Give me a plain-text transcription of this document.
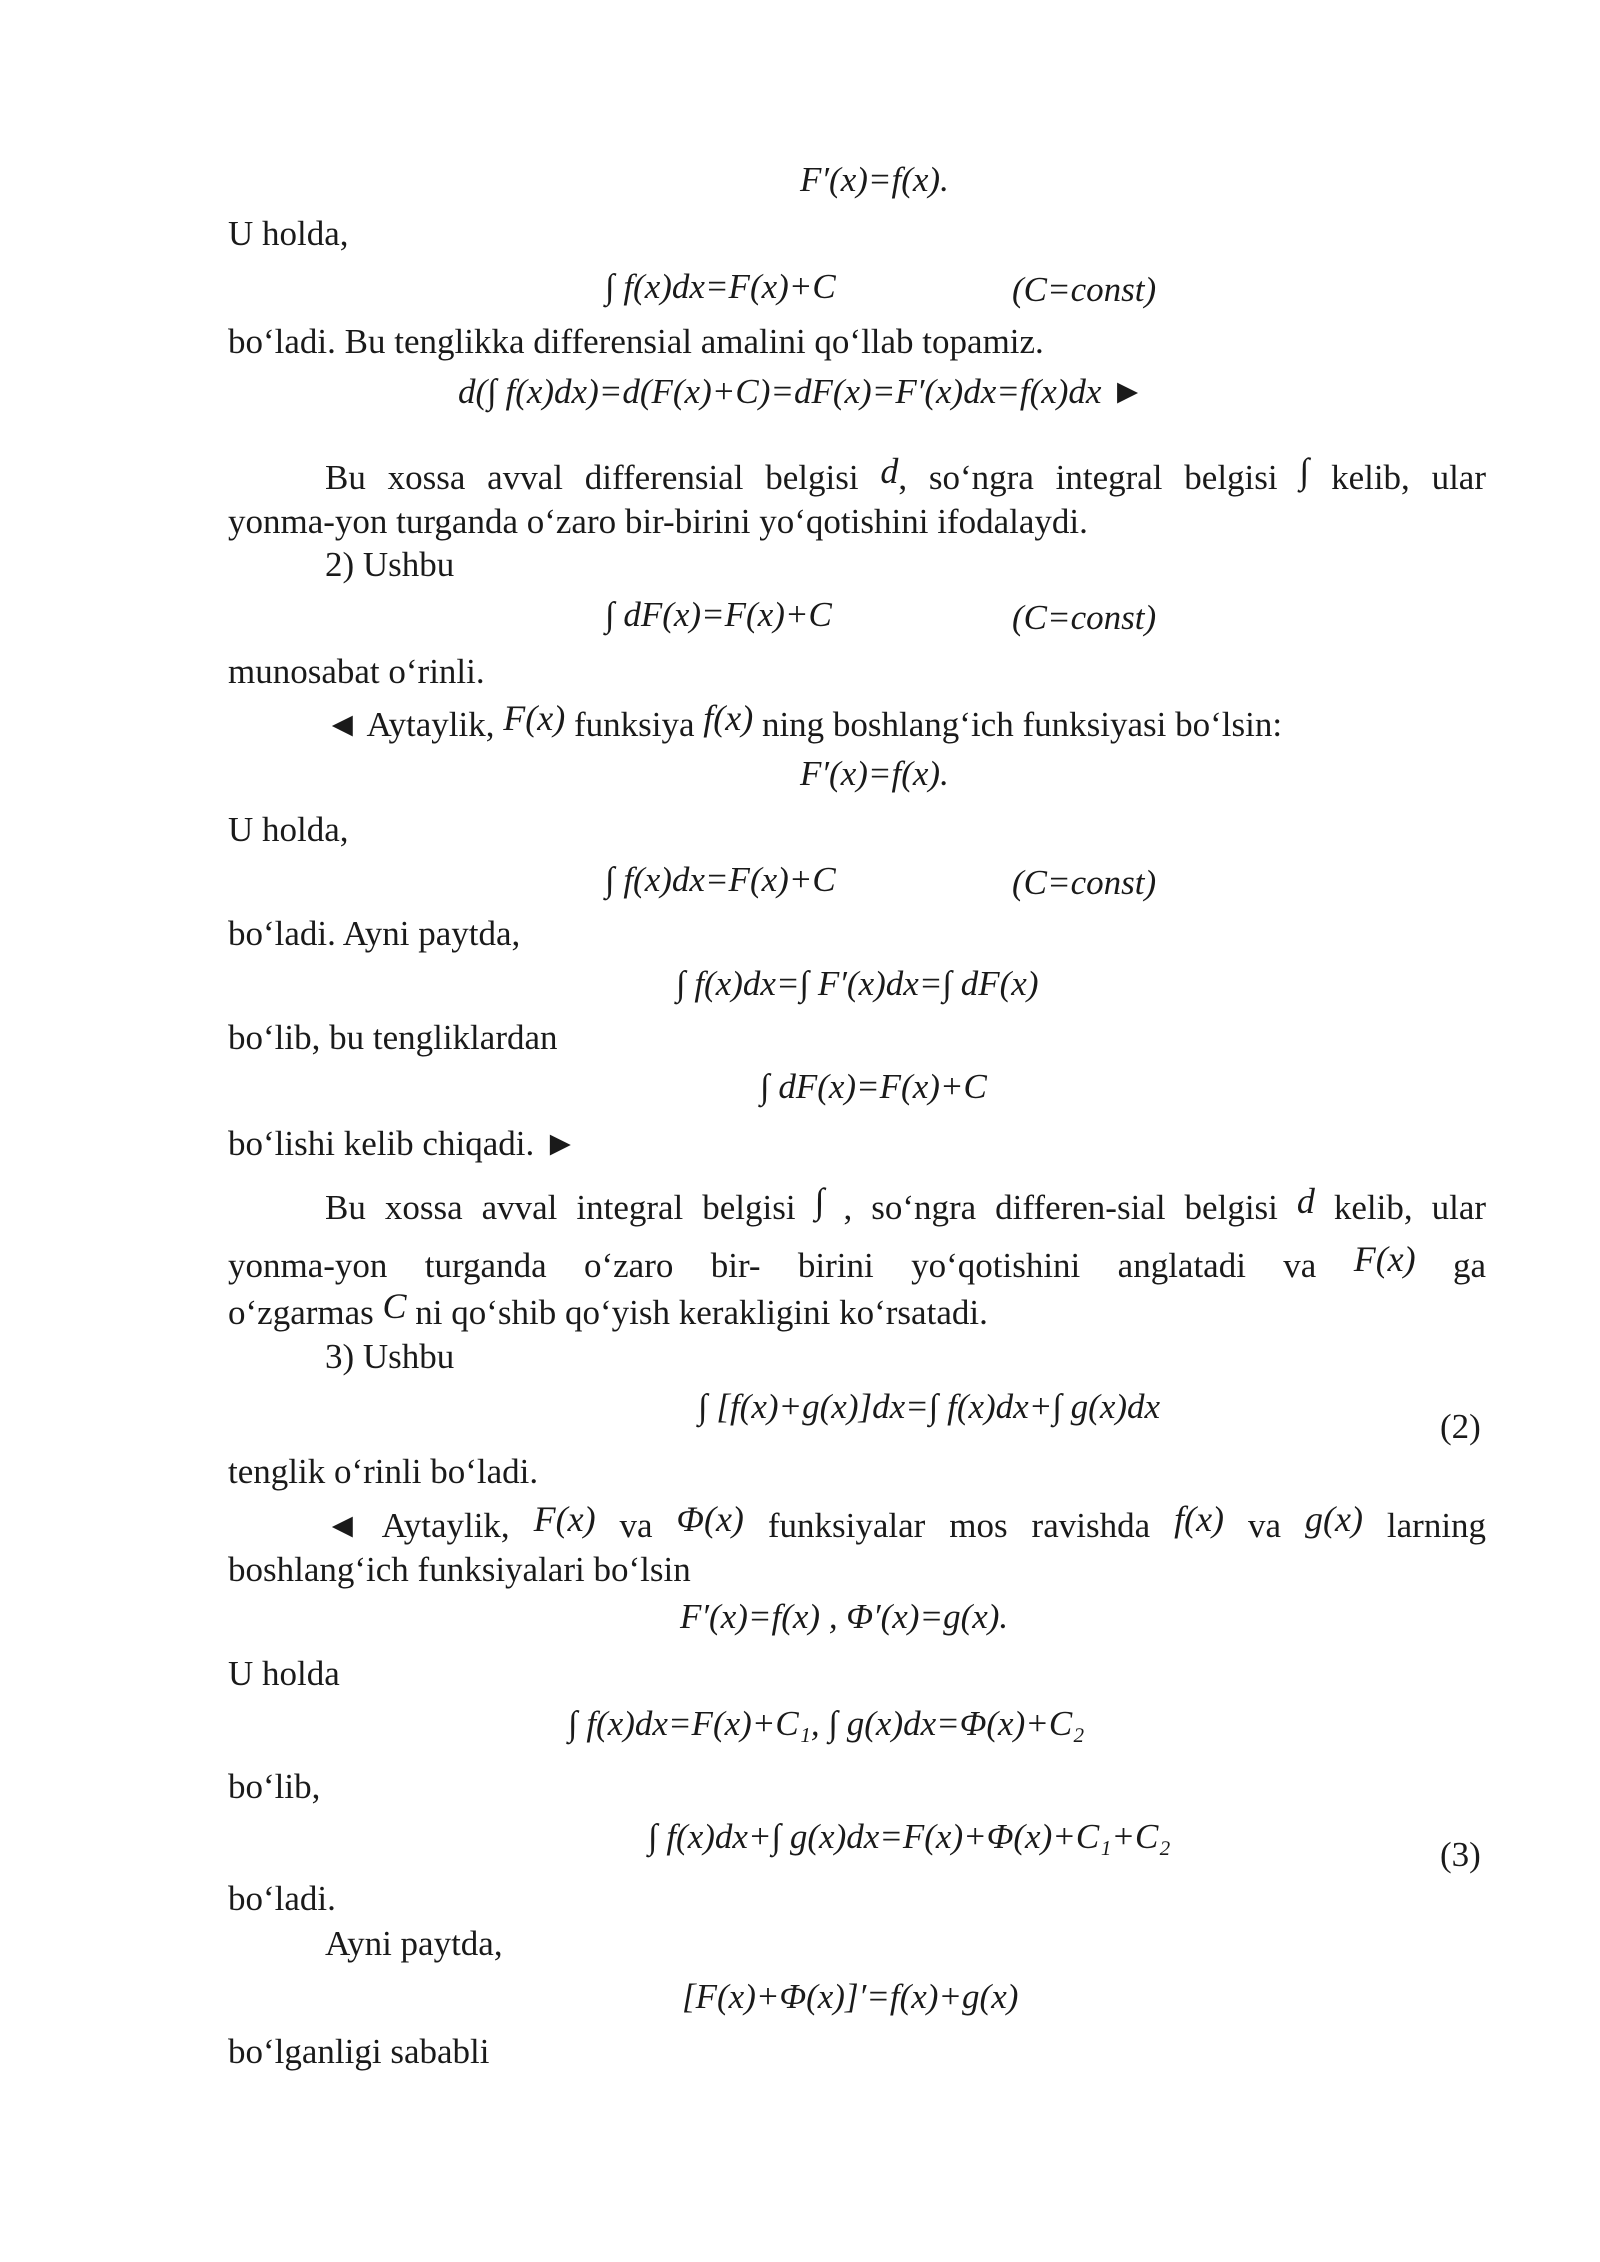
F′(x)=f(x).
U holda,
∫ f(x)dx=F(x)+C	(C=const)
bo‘ladi. Bu tenglikka differensial amalini qo‘llab topamiz.
d(∫ f(x)dx)=d(F(x)+C)=dF(x)=F′(x)dx=f(x)dx ►
Bu xossa avval differensial belgisi d, so‘ngra integral belgisi ∫ kelib, ular
yonma-yon turganda o‘zaro bir-birini yo‘qotishini ifodalaydi.
2) Ushbu
∫ dF(x)=F(x)+C	(C=const)
munosabat o‘rinli.
◄ Aytaylik, F(x) funksiya f(x) ning boshlang‘ich funksiyasi bo‘lsin:
F′(x)=f(x).
U holda,
∫ f(x)dx=F(x)+C	(C=const)
bo‘ladi. Ayni paytda,
∫ f(x)dx=∫ F′(x)dx=∫ dF(x)
bo‘lib, bu tengliklardan
∫ dF(x)=F(x)+C
bo‘lishi kelib chiqadi. ►
Bu xossa avval integral belgisi ∫ , so‘ngra differen-sial belgisi d kelib, ular
yonma-yon turganda o‘zaro bir- birini yo‘qotishini anglatadi va F(x) ga
o‘zgarmas C ni qo‘shib qo‘yish kerakligini ko‘rsatadi.
3) Ushbu
∫ [f(x)+g(x)]dx=∫ f(x)dx+∫ g(x)dx
(2)
tenglik o‘rinli bo‘ladi.
◄ Aytaylik, F(x) va Φ(x) funksiyalar mos ravishda f(x) va g(x) larning
boshlang‘ich funksiyalari bo‘lsin
F′(x)=f(x) , Φ′(x)=g(x).
U holda
∫ f(x)dx=F(x)+C₁, ∫ g(x)dx=Φ(x)+C₂
bo‘lib,
∫ f(x)dx+∫ g(x)dx=F(x)+Φ(x)+C₁+C₂	(3)
bo‘ladi.
Ayni paytda,
[F(x)+Φ(x)]′=f(x)+g(x)
bo‘lganligi sababli
